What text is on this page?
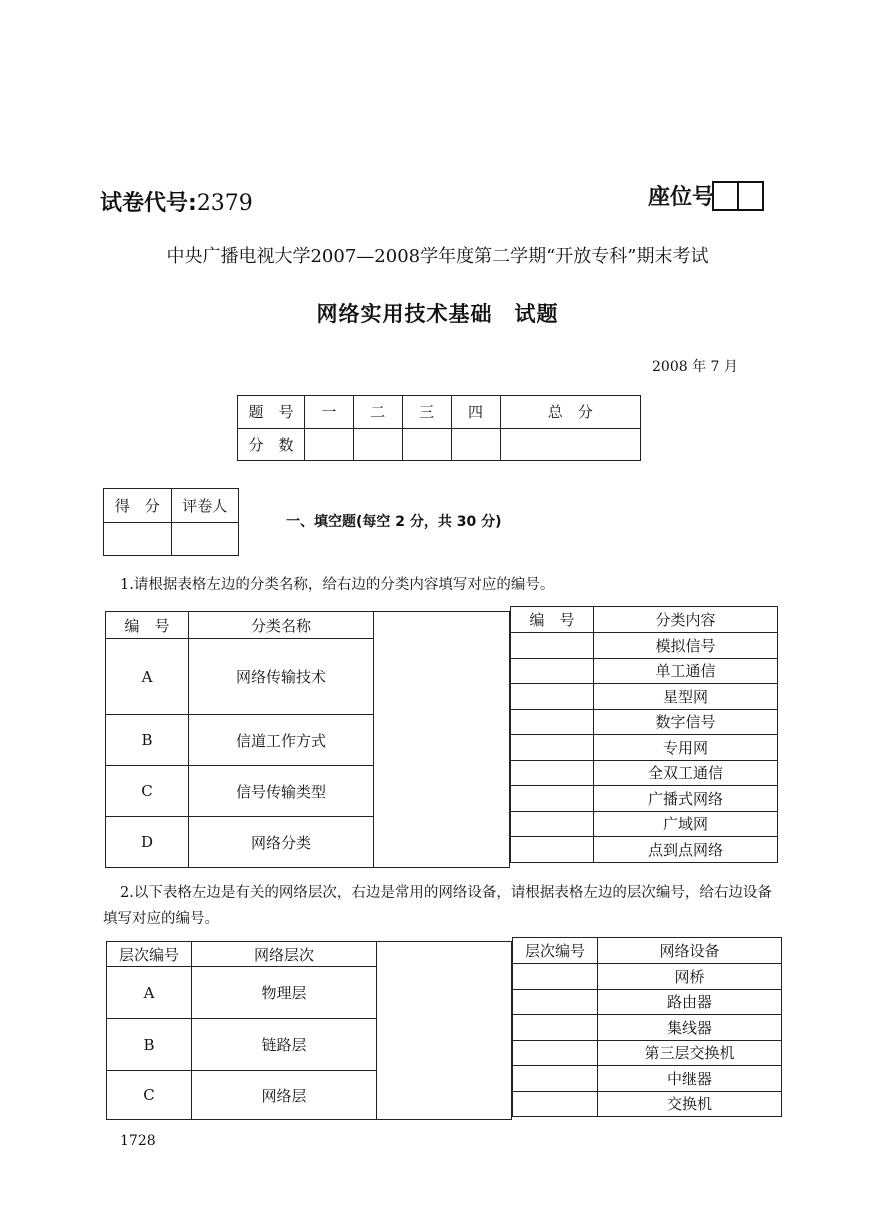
试卷代号:2379	座位号
中央广播电视大学2007—2008学年度第二学期“开放专科”期末考试
网络实用技术基础　试题
2008 年 7 月
题　号	一	二	三	四	总　分
分　数					
得　分	评卷人

一、填空题(每空 2 分，共 30 分)
1.请根据表格左边的分类名称，给右边的分类内容填写对应的编号。
编　号	分类名称	
A	网络传输技术	
B	信道工作方式	
C	信号传输类型	
D	网络分类	
编　号	分类内容
	模拟信号
	单工通信
	星型网
	数字信号
	专用网
	全双工通信
	广播式网络
	广域网
	点到点网络
2.以下表格左边是有关的网络层次，右边是常用的网络设备，请根据表格左边的层次编号，给右边设备填写对应的编号。
层次编号	网络层次	
A	物理层	
B	链路层	
C	网络层	
层次编号	网络设备
	网桥
	路由器
	集线器
	第三层交换机
	中继器
	交换机
1728
